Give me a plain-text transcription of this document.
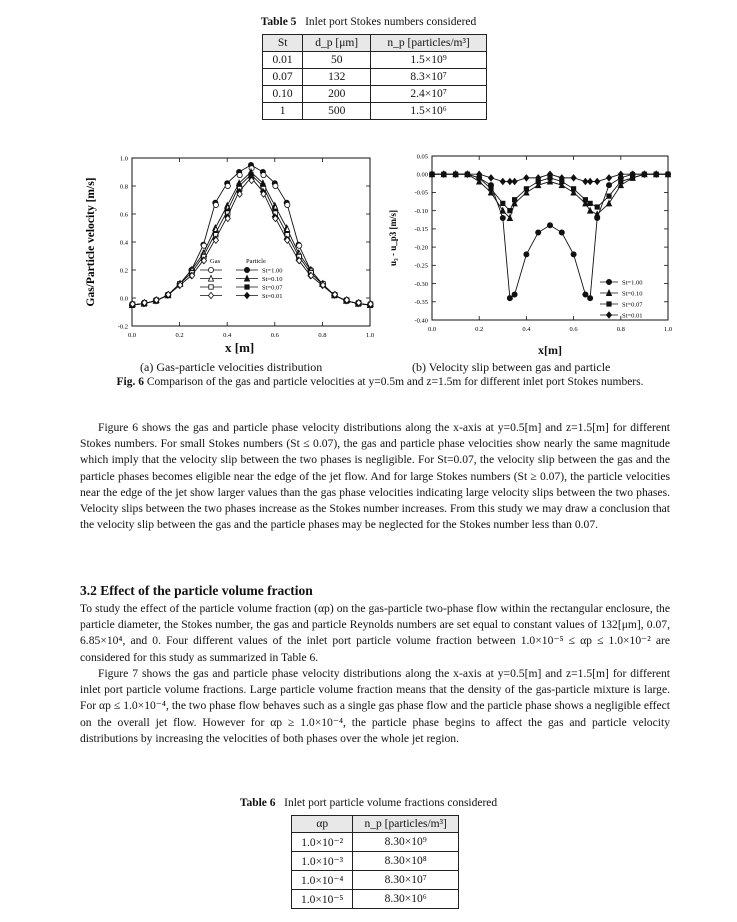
Table 5 Inlet port Stokes numbers considered
St	d_p [μm]	n_p [particles/m³]
0.01	50	1.5×10⁹
0.07	132	8.3×10⁷
0.10	200	2.4×10⁷
1	500	1.5×10⁶
0.0	0.2	0.4	0.6	0.8	1.0
-0.2
0.0
0.2
0.4
0.6
0.8
1.0
Gas/Particle velocity [m/s]	Gas	Particle
St=1.00
St=0.10
St=0.07
St=0.01
x [m]
0.0	0.2	0.4	0.6	0.8	1.0
0.05
0.00
-0.05
-0.10
-0.15
-0.20
-0.25
-0.30
-0.35
-0.40
u₃ - u_p3 [m/s]
St=1.00
St=0.10
St=0.07
St=0.01
x[m]
(a) Gas-particle velocities distribution	(b) Velocity slip between gas and particle
Fig. 6 Comparison of the gas and particle velocities at y=0.5m and z=1.5m for different inlet port Stokes numbers.
Figure 6 shows the gas and particle phase velocity distributions along the x-axis at y=0.5[m] and z=1.5[m] for different Stokes numbers. For small Stokes numbers (St ≤ 0.07), the gas and particle phase velocities show nearly the same magnitude which imply that the velocity slip between the two phases is negligible. For St=0.07, the velocity slip between the gas and the particle phases becomes eligible near the edge of the jet flow. And for large Stokes numbers (St ≥ 0.07), the particle velocities near the edge of the jet show larger values than the gas phase velocities indicating large velocity slips between the two phases. Velocity slips between the two phases increase as the Stokes number increases. From this study we may draw a conclusion that the velocity slip between the gas and the particle phases may be neglected for the Stokes number less than 0.07.
3.2 Effect of the particle volume fraction
To study the effect of the particle volume fraction (αp) on the gas-particle two-phase flow within the rectangular enclosure, the particle diameter, the Stokes number, the gas and particle Reynolds numbers are set equal to constant values of 132[μm], 0.07, 6.85×10⁴, and 0. Four different values of the inlet port particle volume fraction between 1.0×10⁻⁵ ≤ αp ≤ 1.0×10⁻² are considered for this study as summarized in Table 6.
Figure 7 shows the gas and particle phase velocity distributions along the x-axis at y=0.5[m] and z=1.5[m] for different inlet port particle volume fractions. Large particle volume fraction means that the density of the gas-particle mixture is large. For αp ≤ 1.0×10⁻⁴, the two phase flow behaves such as a single gas phase flow and the particle phase shows a negligible effect on the overall jet flow. However for αp ≥ 1.0×10⁻⁴, the particle phase begins to affect the gas and particle velocity distributions by increasing the velocities of both phases over the whole jet region.
Table 6 Inlet port particle volume fractions considered
αp	n_p [particles/m³]
1.0×10⁻²	8.30×10⁹
1.0×10⁻³	8.30×10⁸
1.0×10⁻⁴	8.30×10⁷
1.0×10⁻⁵	8.30×10⁶
